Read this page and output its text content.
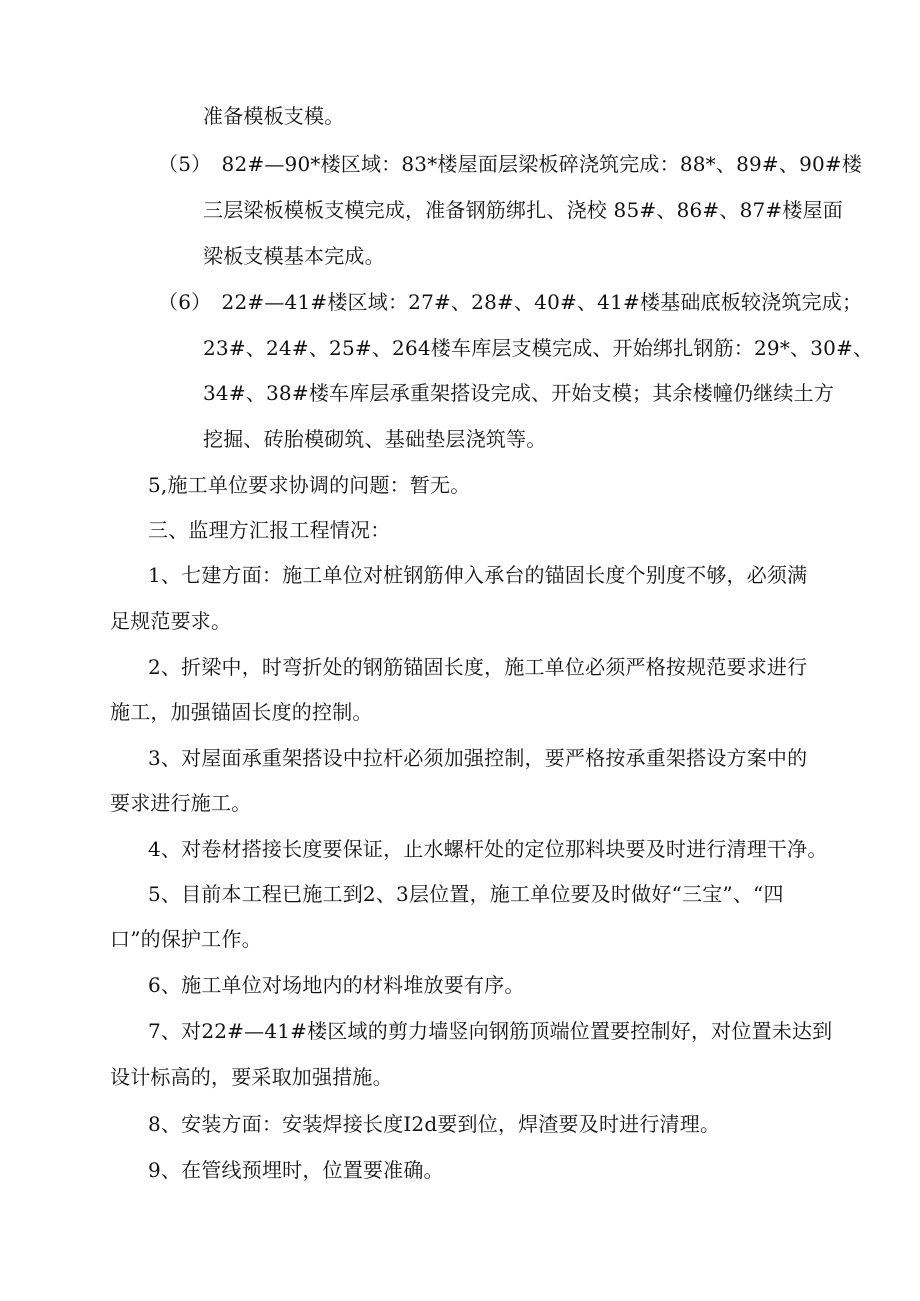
准备模板支模。
（5）　82#—90*楼区域：83*楼屋面层梁板碎浇筑完成：88*、89#、90#楼
三层梁板模板支模完成，准备钢筋绑扎、浇校 85#、86#、87#楼屋面
梁板支模基本完成。
（6）　22#—41#楼区域：27#、28#、40#、41#楼基础底板较浇筑完成；
23#、24#、25#、264楼车库层支模完成、开始绑扎钢筋：29*、30#、
34#、38#楼车库层承重架搭设完成、开始支模；其余楼幢仍继续土方
挖掘、砖胎模砌筑、基础垫层浇筑等。
5,施工单位要求协调的问题：暂无。
三、监理方汇报工程情况：
1、七建方面：施工单位对桩钢筋伸入承台的锚固长度个别度不够，必须满
足规范要求。
2、折梁中，时弯折处的钢筋锚固长度，施工单位必须严格按规范要求进行
施工，加强锚固长度的控制。
3、对屋面承重架搭设中拉杆必须加强控制，要严格按承重架搭设方案中的
要求进行施工。
4、对卷材搭接长度要保证，止水螺杆处的定位那料块要及时进行清理干净。
5、目前本工程已施工到2、3层位置，施工单位要及时做好“三宝”、“四
口”的保护工作。
6、施工单位对场地内的材料堆放要有序。
7、对22#—41#楼区域的剪力墙竖向钢筋顶端位置要控制好，对位置未达到
设计标高的，要采取加强措施。
8、安装方面：安装焊接长度I2d要到位，焊渣要及时进行清理。
9、在管线预埋时，位置要准确。
